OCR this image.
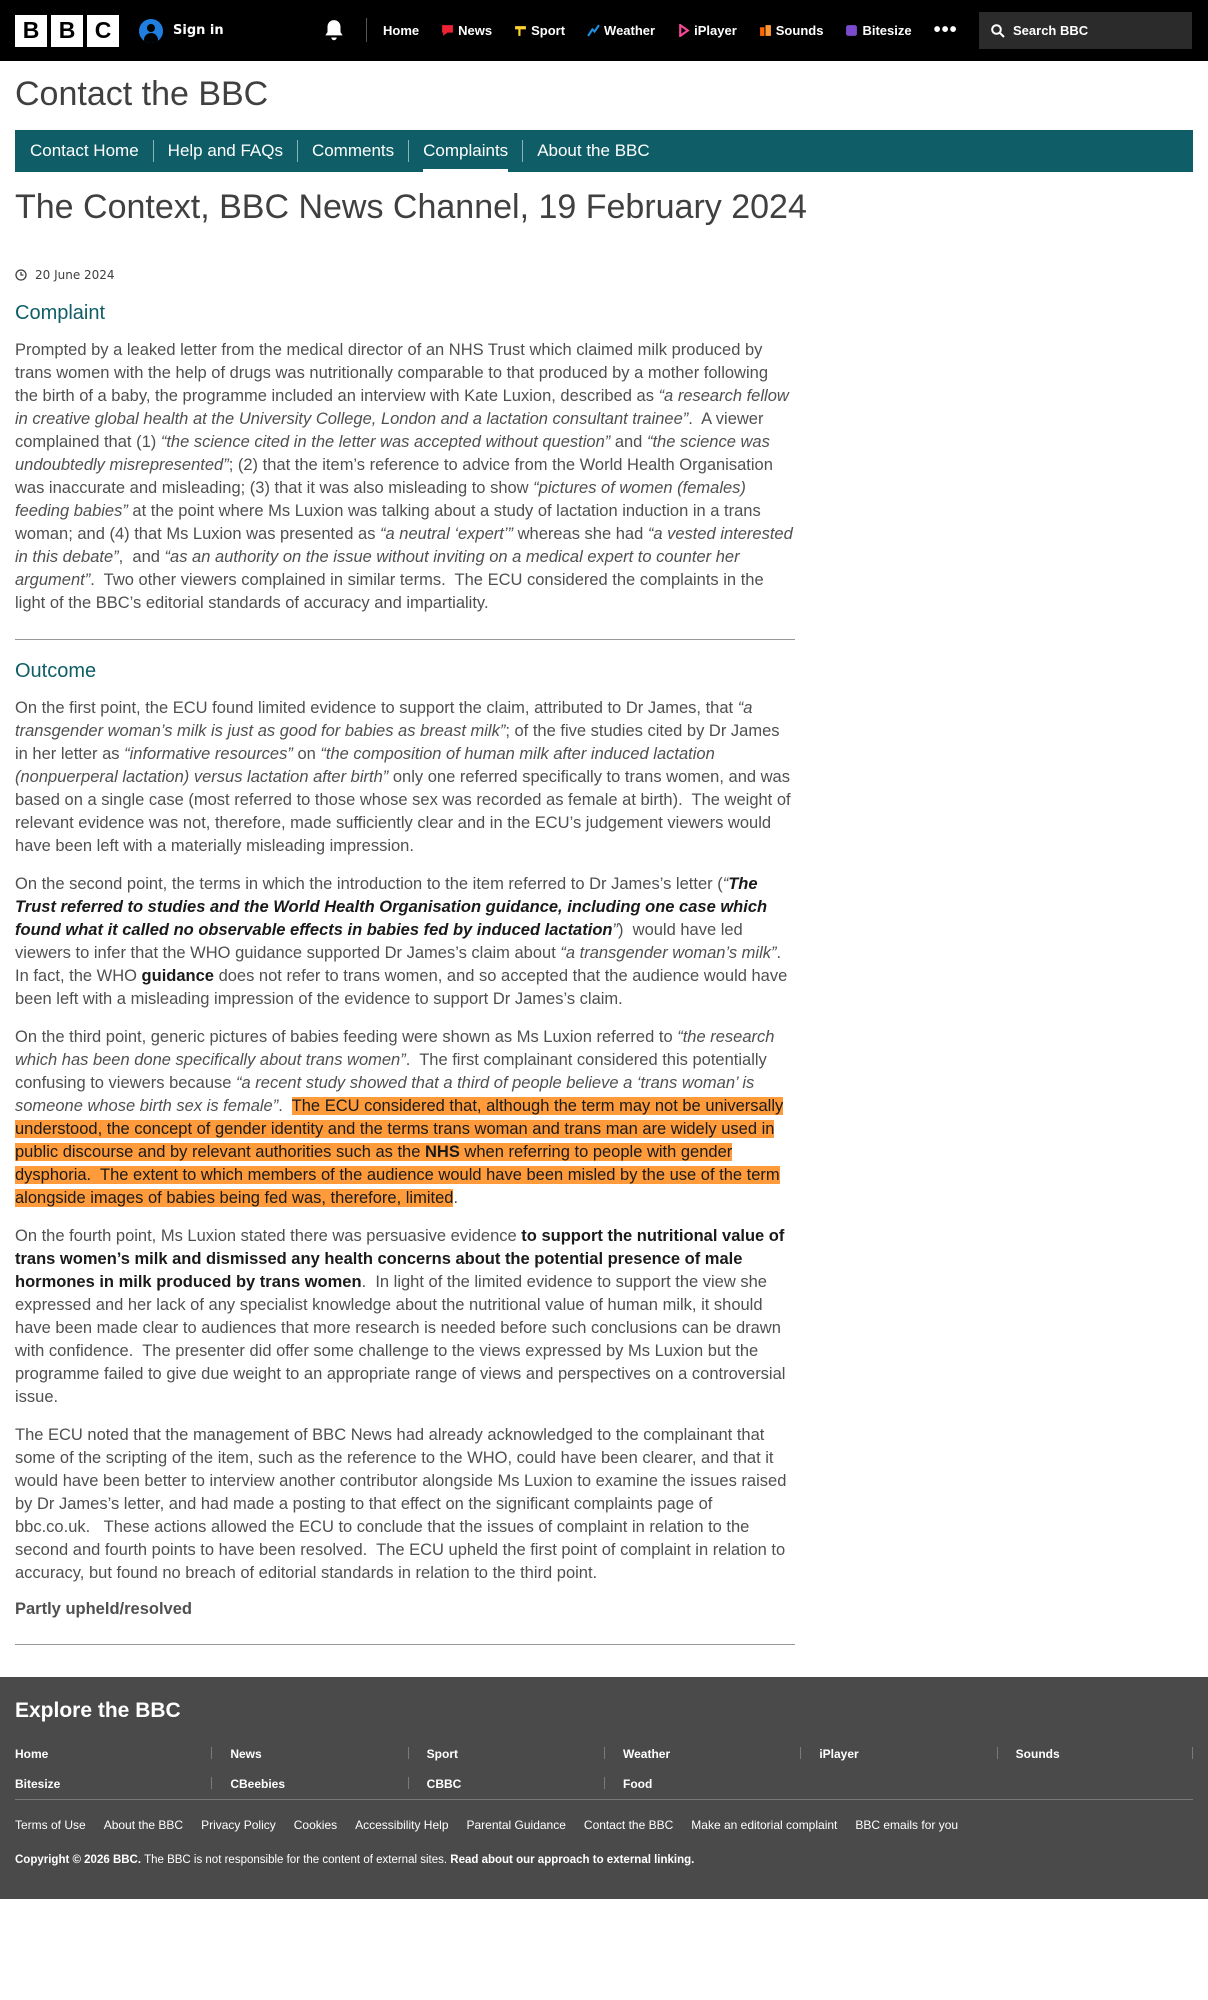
B B C	Sign in	Home	News	Sport	Weather	iPlayer	Sounds	Bitesize •••	Search BBC
Contact the BBC
Contact Home	Help and FAQs	Comments	Complaints	About the BBC
The Context, BBC News Channel, 19 February 2024
20 June 2024
Complaint

Prompted by a leaked letter from the medical director of an NHS Trust which claimed milk produced by trans women with the help of drugs was nutritionally comparable to that produced by a mother following the birth of a baby, the programme included an interview with Kate Luxion, described as “a research fellow in creative global health at the University College, London and a lactation consultant trainee”.  A viewer complained that (1) “the science cited in the letter was accepted without question” and “the science was undoubtedly misrepresented”; (2) that the item’s reference to advice from the World Health Organisation was inaccurate and misleading; (3) that it was also misleading to show “pictures of women (females) feeding babies” at the point where Ms Luxion was talking about a study of lactation induction in a trans woman; and (4) that Ms Luxion was presented as “a neutral ‘expert’” whereas she had “a vested interested in this debate”,  and “as an authority on the issue without inviting on a medical expert to counter her argument”.  Two other viewers complained in similar terms.  The ECU considered the complaints in the light of the BBC’s editorial standards of accuracy and impartiality.

Outcome

On the first point, the ECU found limited evidence to support the claim, attributed to Dr James, that “a transgender woman’s milk is just as good for babies as breast milk”; of the five studies cited by Dr James in her letter as “informative resources” on “the composition of human milk after induced lactation (nonpuerperal lactation) versus lactation after birth” only one referred specifically to trans women, and was based on a single case (most referred to those whose sex was recorded as female at birth).  The weight of relevant evidence was not, therefore, made sufficiently clear and in the ECU’s judgement viewers would have been left with a materially misleading impression.

On the second point, the terms in which the introduction to the item referred to Dr James’s letter (“The Trust referred to studies and the World Health Organisation guidance, including one case which found what it called no observable effects in babies fed by induced lactation”)  would have led viewers to infer that the WHO guidance supported Dr James’s claim about “a transgender woman’s milk”.  In fact, the WHO guidance does not refer to trans women, and so accepted that the audience would have been left with a misleading impression of the evidence to support Dr James’s claim.

On the third point, generic pictures of babies feeding were shown as Ms Luxion referred to “the research which has been done specifically about trans women”.  The first complainant considered this potentially confusing to viewers because “a recent study showed that a third of people believe a ‘trans woman’ is someone whose birth sex is female”.  The ECU considered that, although the term may not be universally understood, the concept of gender identity and the terms trans woman and trans man are widely used in public discourse and by relevant authorities such as the NHS when referring to people with gender dysphoria.  The extent to which members of the audience would have been misled by the use of the term alongside images of babies being fed was, therefore, limited.

On the fourth point, Ms Luxion stated there was persuasive evidence to support the nutritional value of trans women’s milk and dismissed any health concerns about the potential presence of male hormones in milk produced by trans women.  In light of the limited evidence to support the view she expressed and her lack of any specialist knowledge about the nutritional value of human milk, it should have been made clear to audiences that more research is needed before such conclusions can be drawn with confidence.  The presenter did offer some challenge to the views expressed by Ms Luxion but the programme failed to give due weight to an appropriate range of views and perspectives on a controversial issue.

The ECU noted that the management of BBC News had already acknowledged to the complainant that some of the scripting of the item, such as the reference to the WHO, could have been clearer, and that it would have been better to interview another contributor alongside Ms Luxion to examine the issues raised by Dr James’s letter, and had made a posting to that effect on the significant complaints page of bbc.co.uk.   These actions allowed the ECU to conclude that the issues of complaint in relation to the second and fourth points to have been resolved.  The ECU upheld the first point of complaint in relation to accuracy, but found no breach of editorial standards in relation to the third point.

Partly upheld/resolved

Explore the BBC
Home	News	Sport	Weather	iPlayer	Sounds
Bitesize	CBeebies	CBBC	Food
Terms of Use About the BBC Privacy Policy Cookies Accessibility Help Parental Guidance Contact the BBC Make an editorial complaint BBC emails for you
Copyright © 2026 BBC. The BBC is not responsible for the content of external sites. Read about our approach to external linking.
